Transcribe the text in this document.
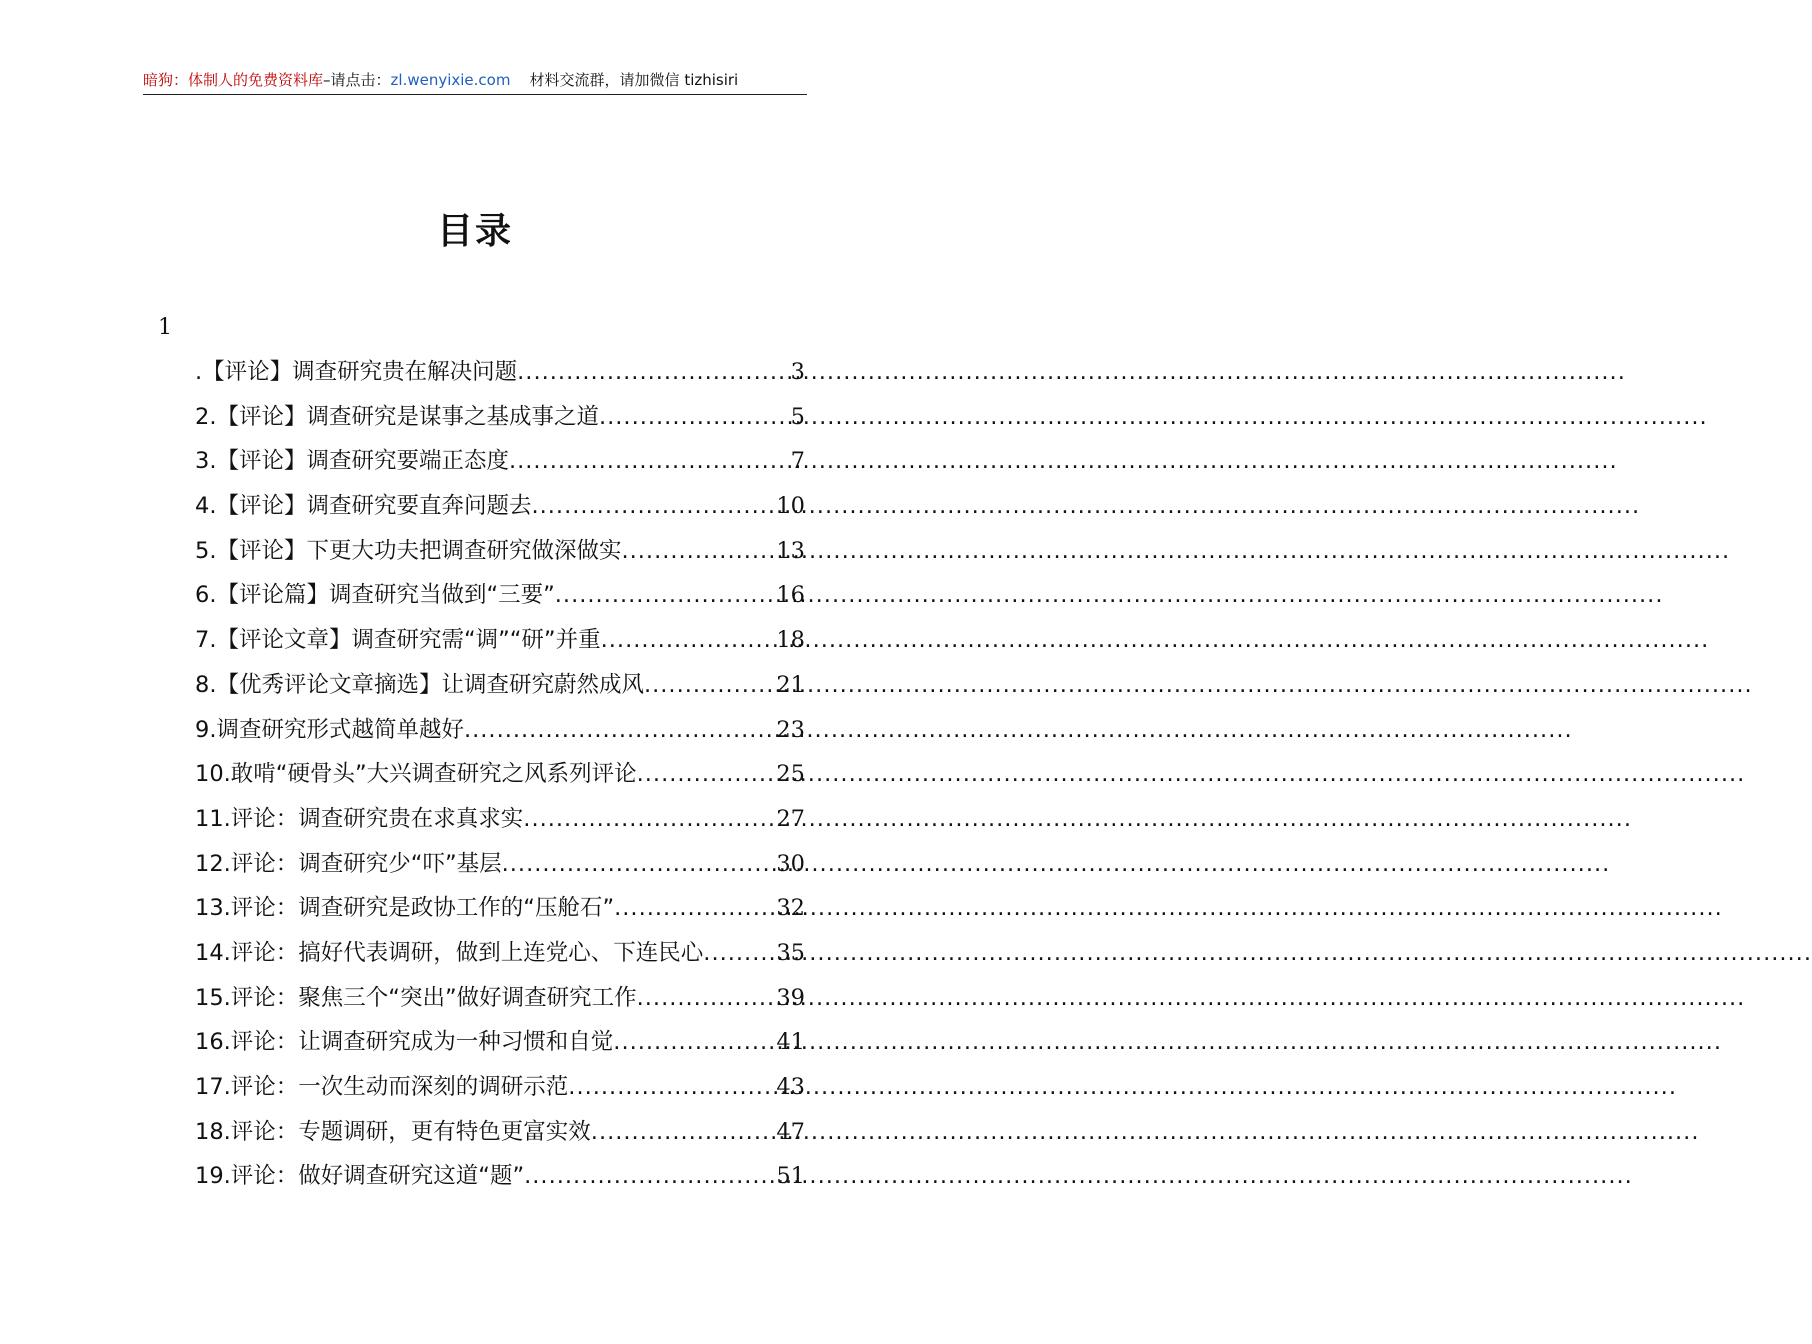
暗狗：体制人的免费资料库–请点击：zl.wenyixie.com 材料交流群，请加微信 tizhisiri
目录
1
.【评论】调查研究贵在解决问题 .....	3
2.【评论】调查研究是谋事之基成事之道 .....	5
3.【评论】调查研究要端正态度 .....	7
4.【评论】调查研究要直奔问题去 .....	10
5.【评论】下更大功夫把调查研究做深做实 .....	13
6.【评论篇】调查研究当做到“三要” .....	16
7.【评论文章】调查研究需“调”“研”并重 .....	18
8.【优秀评论文章摘选】让调查研究蔚然成风 .....	21
9.调查研究形式越简单越好 .....	23
10.敢啃“硬骨头”大兴调查研究之风系列评论 .....	25
11.评论：调查研究贵在求真求实 .....	27
12.评论：调查研究少“吓”基层 .....	30
13.评论：调查研究是政协工作的“压舱石” .....	32
14.评论：搞好代表调研，做到上连党心、下连民心 .....	35
15.评论：聚焦三个“突出”做好调查研究工作 .....	39
16.评论：让调查研究成为一种习惯和自觉 .....	41
17.评论：一次生动而深刻的调研示范 .....	43
18.评论：专题调研，更有特色更富实效 .....	47
19.评论：做好调查研究这道“题” .....	51
